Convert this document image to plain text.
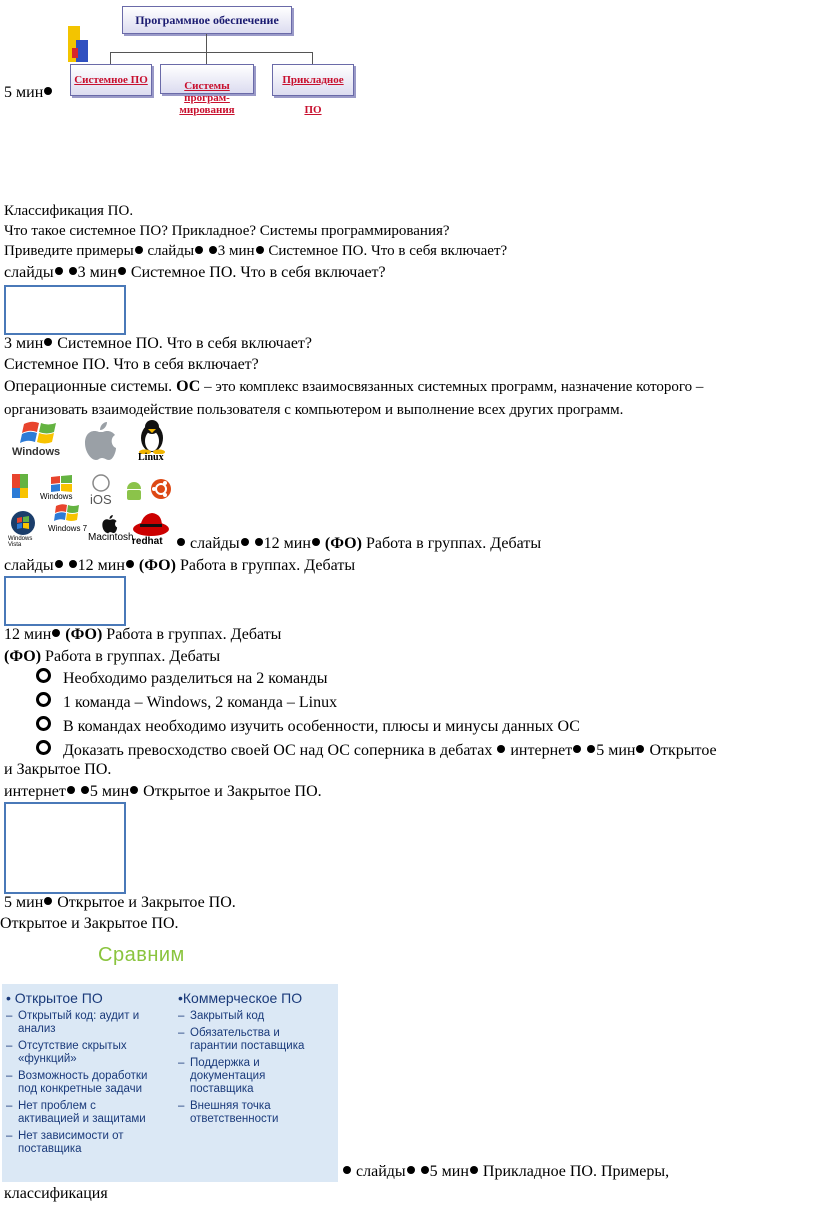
Программное обеспечение
Системное ПО	Системы програм-
мирования

Прикладное ПО
5 мин
Классификация ПО.
Что такое системное ПО? Прикладное? Системы программирования?
Приведите примеры слайды 3 мин Системное ПО. Что в себя включает?
слайды 3 мин Системное ПО. Что в себя включает?
3 мин Системное ПО. Что в себя включает?
Системное ПО. Что в себя включает?
Операционные системы. ОС – это комплекс взаимосвязанных системных программ, назначение которого –
организовать взаимодействие пользователя с компьютером и выполнение всех других программ.
Windows	Linux
Windows iOS
Windows Vista
Windows 7
Macintosh
redhat	слайды 12 мин (ФО) Работа в группах. Дебаты
слайды 12 мин (ФО) Работа в группах. Дебаты
12 мин (ФО) Работа в группах. Дебаты
(ФО) Работа в группах. Дебаты
Необходимо разделиться на 2 команды
1 команда – Windows, 2 команда – Linux
В командах необходимо изучить особенности, плюсы и минусы данных ОС
Доказать превосходство своей ОС над ОС соперника в дебатах  интернет 5 мин Открытое
и Закрытое ПО.
интернет 5 мин Открытое и Закрытое ПО.
5 мин Открытое и Закрытое ПО.
Открытое и Закрытое ПО.
Сравним
• Открытое ПО
– Открытый код: аудит и
анализ
– Отсутствие скрытых
«функций»
– Возможность доработки
под конкретные задачи
– Нет проблем с
активацией и защитами
– Нет зависимости от
поставщика
•Коммерческое ПО
– Закрытый код
– Обязательства и
гарантии поставщика
– Поддержка и
документация
поставщика
– Внешняя точка
ответственности
слайды 5 мин Прикладное ПО. Примеры,
классификация
